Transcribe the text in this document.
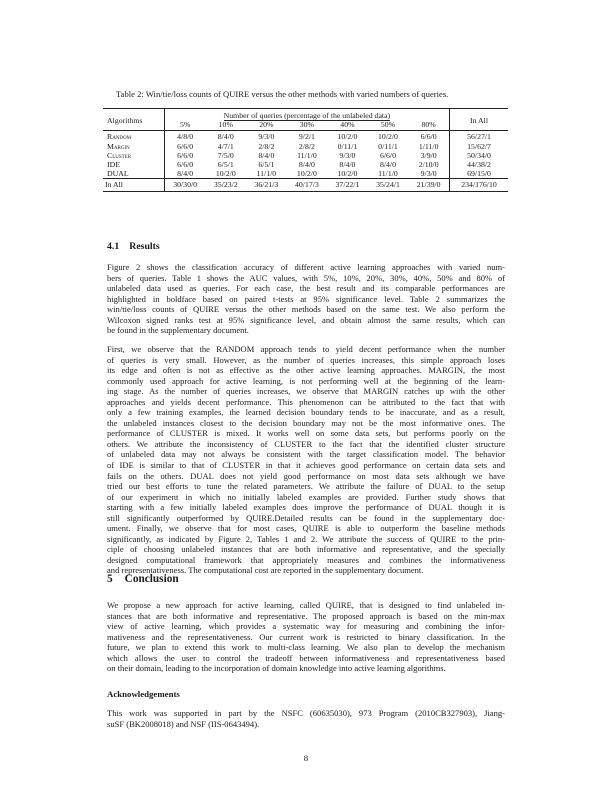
Table 2: Win/tie/loss counts of QUIRE versus the other methods with varied numbers of queries.
Algorithms	Number of queries (percentage of the unlabeled data)							In All
	5%	10%	20%	30%	40%	50%	80%	
Random	4/8/0	8/4/0	9/3/0	9/2/1	10/2/0	10/2/0	6/6/0	56/27/1
Margin	6/6/0	4/7/1	2/8/2	2/8/2	0/11/1	0/11/1	1/11/0	15/62/7
Cluster	6/6/0	7/5/0	8/4/0	11/1/0	9/3/0	6/6/0	3/9/0	50/34/0
IDE	6/6/0	6/5/1	6/5/1	8/4/0	8/4/0	8/4/0	2/10/0	44/38/2
DUAL	8/4/0	10/2/0	11/1/0	10/2/0	10/2/0	11/1/0	9/3/0	69/15/0
In All	30/30/0	35/23/2	36/21/3	40/17/3	37/22/1	35/24/1	21/39/0	234/176/10
4.1 Results
Figure 2 shows the classification accuracy of different active learning approaches with varied num-
bers of queries. Table 1 shows the AUC values, with 5%, 10%, 20%, 30%, 40%, 50% and 80% of
unlabeled data used as queries. For each case, the best result and its comparable performances are
highlighted in boldface based on paired t-tests at 95% significance level. Table 2 summarizes the
win/tie/loss counts of QUIRE versus the other methods based on the same test. We also perform the
Wilcoxon signed ranks test at 95% significance level, and obtain almost the same results, which can
be found in the supplementary document.
First, we observe that the RANDOM approach tends to yield decent performance when the number
of queries is very small. However, as the number of queries increases, this simple approach loses
its edge and often is not as effective as the other active learning approaches. MARGIN, the most
commonly used approach for active learning, is not performing well at the beginning of the learn-
ing stage. As the number of queries increases, we observe that MARGIN catches up with the other
approaches and yields decent performance. This phenomenon can be attributed to the fact that with
only a few training examples, the learned decision boundary tends to be inaccurate, and as a result,
the unlabeled instances closest to the decision boundary may not be the most informative ones. The
performance of CLUSTER is mixed. It works well on some data sets, but performs poorly on the
others. We attribute the inconsistency of CLUSTER to the fact that the identified cluster structure
of unlabeled data may not always be consistent with the target classification model. The behavior
of IDE is similar to that of CLUSTER in that it achieves good performance on certain data sets and
fails on the others. DUAL does not yield good performance on most data sets although we have
tried our best efforts to tune the related parameters. We attribute the failure of DUAL to the setup
of our experiment in which no initially labeled examples are provided. Further study shows that
starting with a few initially labeled examples does improve the performance of DUAL though it is
still significantly outperformed by QUIRE.Detailed results can be found in the supplementary doc-
ument. Finally, we observe that for most cases, QUIRE is able to outperform the baseline methods
significantly, as indicated by Figure 2, Tables 1 and 2. We attribute the success of QUIRE to the prin-
ciple of choosing unlabeled instances that are both informative and representative, and the specially
designed computational framework that appropriately measures and combines the informativeness
and representativeness. The computational cost are reported in the supplementary document.
5 Conclusion
We propose a new approach for active learning, called QUIRE, that is designed to find unlabeled in-
stances that are both informative and representative. The proposed approach is based on the min-max
view of active learning, which provides a systematic way for measuring and combining the infor-
mativeness and the representativeness. Our current work is restricted to binary classification. In the
future, we plan to extend this work to multi-class learning. We also plan to develop the mechanism
which allows the user to control the tradeoff between informativeness and representativeness based
on their domain, leading to the incorporation of domain knowledge into active learning algorithms.
Acknowledgements
This work was supported in part by the NSFC (60635030), 973 Program (2010CB327903), Jiang-
suSF (BK2008018) and NSF (IIS-0643494).
8
